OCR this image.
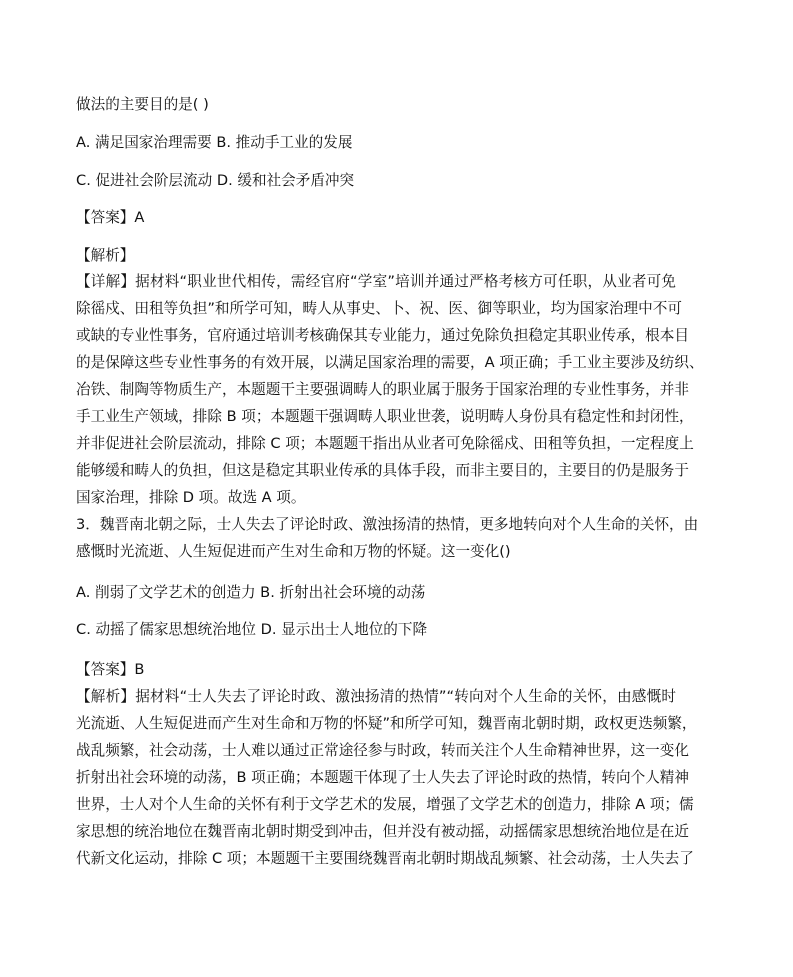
做法的主要目的是( )
A. 满足国家治理需要 B. 推动手工业的发展
C. 促进社会阶层流动 D. 缓和社会矛盾冲突
【答案】A
【解析】
【详解】据材料“职业世代相传，需经官府“学室”培训并通过严格考核方可任职，从业者可免
除徭戍、田租等负担”和所学可知，畴人从事史、卜、祝、医、御等职业，均为国家治理中不可
或缺的专业性事务，官府通过培训考核确保其专业能力，通过免除负担稳定其职业传承，根本目
的是保障这些专业性事务的有效开展，以满足国家治理的需要，A 项正确；手工业主要涉及纺织、
冶铁、制陶等物质生产，本题题干主要强调畴人的职业属于服务于国家治理的专业性事务，并非
手工业生产领域，排除 B 项；本题题干强调畴人职业世袭，说明畴人身份具有稳定性和封闭性，
并非促进社会阶层流动，排除 C 项；本题题干指出从业者可免除徭戍、田租等负担，一定程度上
能够缓和畴人的负担，但这是稳定其职业传承的具体手段，而非主要目的，主要目的仍是服务于
国家治理，排除 D 项。故选 A 项。
3．魏晋南北朝之际，士人失去了评论时政、激浊扬清的热情，更多地转向对个人生命的关怀，由
感慨时光流逝、人生短促进而产生对生命和万物的怀疑。这一变化()
A. 削弱了文学艺术的创造力 B. 折射出社会环境的动荡
C. 动摇了儒家思想统治地位 D. 显示出士人地位的下降
【答案】B
【解析】据材料“士人失去了评论时政、激浊扬清的热情”“转向对个人生命的关怀，由感慨时
光流逝、人生短促进而产生对生命和万物的怀疑”和所学可知，魏晋南北朝时期，政权更迭频繁，
战乱频繁，社会动荡，士人难以通过正常途径参与时政，转而关注个人生命精神世界，这一变化
折射出社会环境的动荡，B 项正确；本题题干体现了士人失去了评论时政的热情，转向个人精神
世界，士人对个人生命的关怀有利于文学艺术的发展，增强了文学艺术的创造力，排除 A 项；儒
家思想的统治地位在魏晋南北朝时期受到冲击，但并没有被动摇，动摇儒家思想统治地位是在近
代新文化运动，排除 C 项；本题题干主要围绕魏晋南北朝时期战乱频繁、社会动荡，士人失去了
